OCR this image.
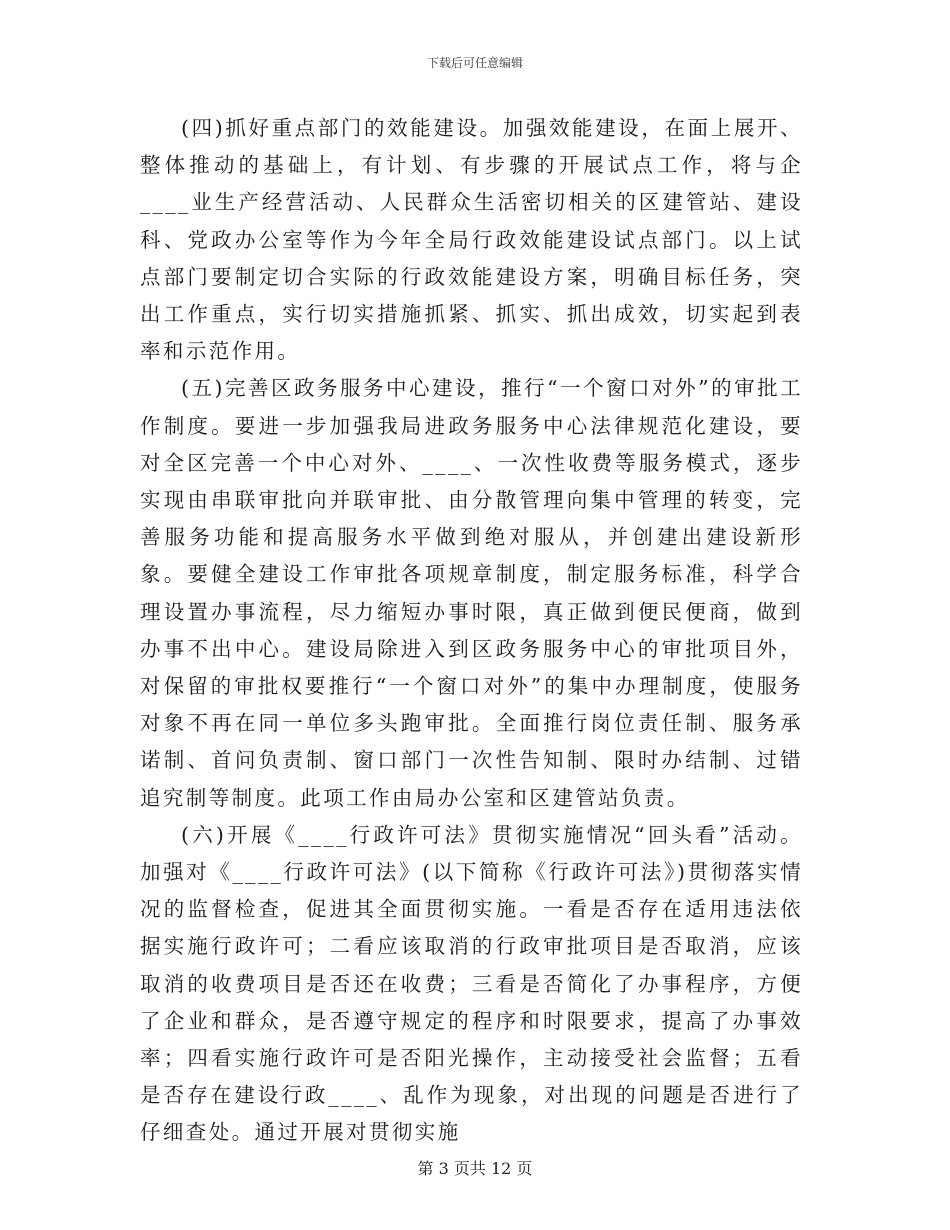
下载后可任意编辑

(四)抓好重点部门的效能建设。加强效能建设，在面上展开、整体推动的基础上，有计划、有步骤的开展试点工作，将与企____业生产经营活动、人民群众生活密切相关的区建管站、建设科、党政办公室等作为今年全局行政效能建设试点部门。以上试点部门要制定切合实际的行政效能建设方案，明确目标任务，突出工作重点，实行切实措施抓紧、抓实、抓出成效，切实起到表率和示范作用。

(五)完善区政务服务中心建设，推行“一个窗口对外”的审批工作制度。要进一步加强我局进政务服务中心法律规范化建设，要对全区完善一个中心对外、____、一次性收费等服务模式，逐步实现由串联审批向并联审批、由分散管理向集中管理的转变，完善服务功能和提高服务水平做到绝对服从，并创建出建设新形象。要健全建设工作审批各项规章制度，制定服务标准，科学合理设置办事流程，尽力缩短办事时限，真正做到便民便商，做到办事不出中心。建设局除进入到区政务服务中心的审批项目外，对保留的审批权要推行“一个窗口对外”的集中办理制度，使服务对象不再在同一单位多头跑审批。全面推行岗位责任制、服务承诺制、首问负责制、窗口部门一次性告知制、限时办结制、过错追究制等制度。此项工作由局办公室和区建管站负责。

(六)开展《____行政许可法》贯彻实施情况“回头看”活动。加强对《____行政许可法》(以下简称《行政许可法》)贯彻落实情况的监督检查，促进其全面贯彻实施。一看是否存在适用违法依据实施行政许可；二看应该取消的行政审批项目是否取消，应该取消的收费项目是否还在收费；三看是否简化了办事程序，方便了企业和群众，是否遵守规定的程序和时限要求，提高了办事效率；四看实施行政许可是否阳光操作，主动接受社会监督；五看是否存在建设行政____、乱作为现象，对出现的问题是否进行了仔细查处。通过开展对贯彻实施

第 3 页共 12 页
